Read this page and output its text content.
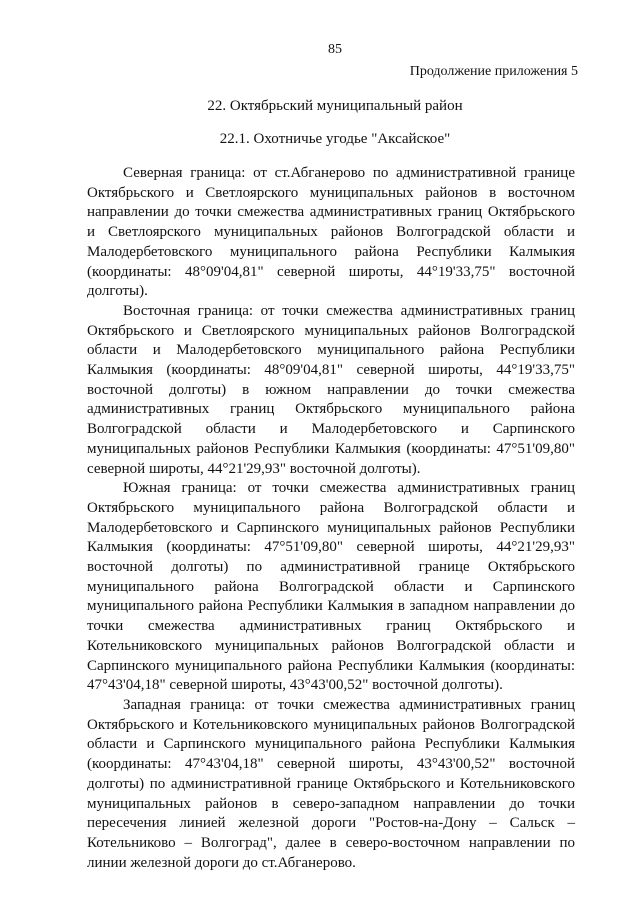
85
Продолжение приложения 5
22. Октябрьский муниципальный район
22.1. Охотничье угодье "Аксайское"

Северная граница: от ст.Абганерово по административной границе Октябрьского и Светлоярского муниципальных районов в восточном направлении до точки смежества административных границ Октябрьского и Светлоярского муниципальных районов Волгоградской области и Малодербетовского муниципального района Республики Калмыкия (координаты: 48°09'04,81" северной широты, 44°19'33,75" восточной долготы).

Восточная граница: от точки смежества административных границ Октябрьского и Светлоярского муниципальных районов Волгоградской области и Малодербетовского муниципального района Республики Калмыкия (координаты: 48°09'04,81" северной широты, 44°19'33,75" восточной долготы) в южном направлении до точки смежества административных границ Октябрьского муниципального района Волгоградской области и Малодербетовского и Сарпинского муниципальных районов Республики Калмыкия (координаты: 47°51'09,80" северной широты, 44°21'29,93" восточной долготы).

Южная граница: от точки смежества административных границ Октябрьского муниципального района Волгоградской области и Малодербетовского и Сарпинского муниципальных районов Республики Калмыкия (координаты: 47°51'09,80" северной широты, 44°21'29,93" восточной долготы) по административной границе Октябрьского муниципального района Волгоградской области и Сарпинского муниципального района Республики Калмыкия в западном направлении до точки смежества административных границ Октябрьского и Котельниковского муниципальных районов Волгоградской области и Сарпинского муниципального района Республики Калмыкия (координаты: 47°43'04,18" северной широты, 43°43'00,52" восточной долготы).

Западная граница: от точки смежества административных границ Октябрьского и Котельниковского муниципальных районов Волгоградской области и Сарпинского муниципального района Республики Калмыкия (координаты: 47°43'04,18" северной широты, 43°43'00,52" восточной долготы) по административной границе Октябрьского и Котельниковского муниципальных районов в северо-западном направлении до точки пересечения линией железной дороги "Ростов-на-Дону – Сальск – Котельниково – Волгоград", далее в северо-восточном направлении по линии железной дороги до ст.Абганерово.
